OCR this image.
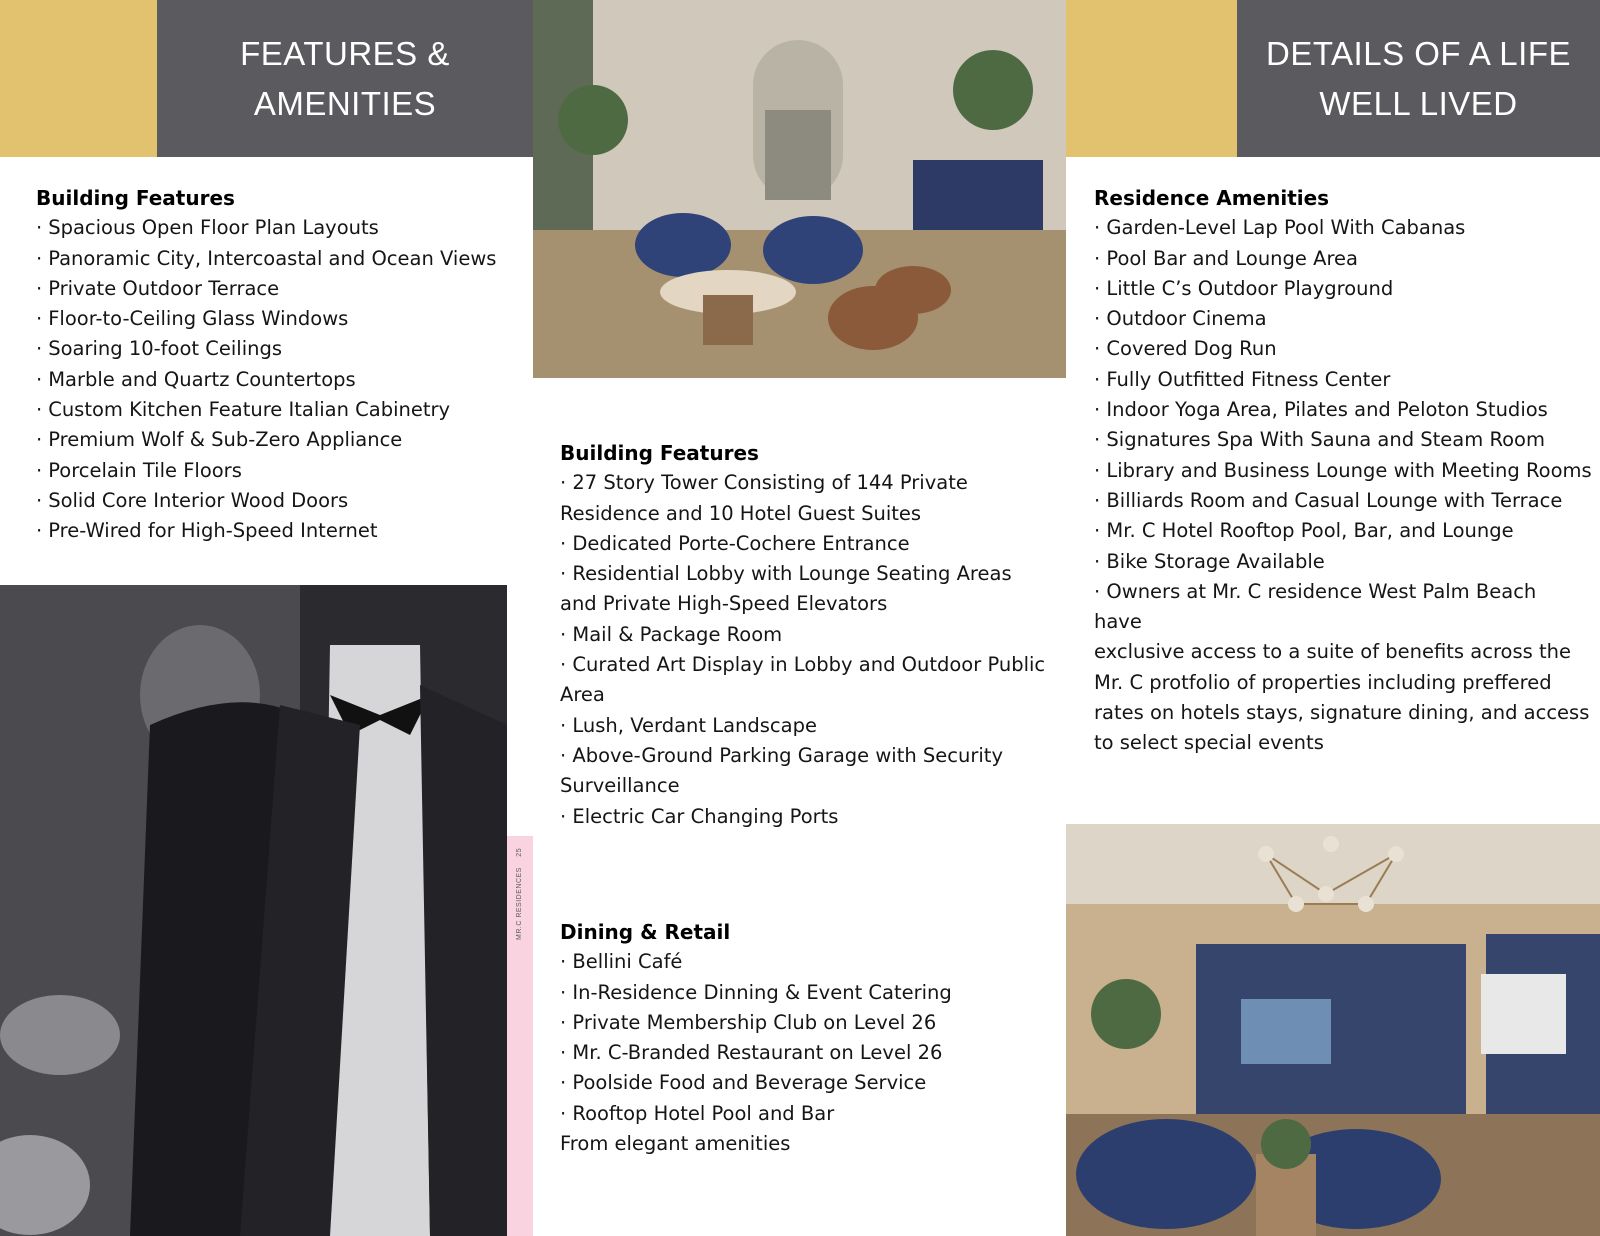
FEATURES &
AMENITIES
DETAILS OF A LIFE
WELL LIVED
MR.C RESIDENCES 25
Building Features
· Spacious Open Floor Plan Layouts
· Panoramic City, Intercoastal and Ocean Views
· Private Outdoor Terrace
· Floor-to-Ceiling Glass Windows
· Soaring 10-foot Ceilings
· Marble and Quartz Countertops
· Custom Kitchen Feature Italian Cabinetry
· Premium Wolf & Sub-Zero Appliance
· Porcelain Tile Floors
· Solid Core Interior Wood Doors
· Pre-Wired for High-Speed Internet
Building Features
· 27 Story Tower Consisting of 144 Private
Residence and 10 Hotel Guest Suites
· Dedicated Porte-Cochere Entrance
· Residential Lobby with Lounge Seating Areas
and Private High-Speed Elevators
· Mail & Package Room
· Curated Art Display in Lobby and Outdoor Public
Area
· Lush, Verdant Landscape
· Above-Ground Parking Garage with Security
Surveillance
· Electric Car Changing Ports
Dining & Retail
· Bellini Café
· In-Residence Dinning & Event Catering
· Private Membership Club on Level 26
· Mr. C-Branded Restaurant on Level 26
· Poolside Food and Beverage Service
· Rooftop Hotel Pool and Bar
From elegant amenities
Residence Amenities
· Garden-Level Lap Pool With Cabanas
· Pool Bar and Lounge Area
· Little C’s Outdoor Playground
· Outdoor Cinema
· Covered Dog Run
· Fully Outfitted Fitness Center
· Indoor Yoga Area, Pilates and Peloton Studios
· Signatures Spa With Sauna and Steam Room
· Library and Business Lounge with Meeting Rooms
· Billiards Room and Casual Lounge with Terrace
· Mr. C Hotel Rooftop Pool, Bar, and Lounge
· Bike Storage Available
· Owners at Mr. C residence West Palm Beach
have
exclusive access to a suite of benefits across the
Mr. C protfolio of properties including preffered
rates on hotels stays, signature dining, and access
to select special events
